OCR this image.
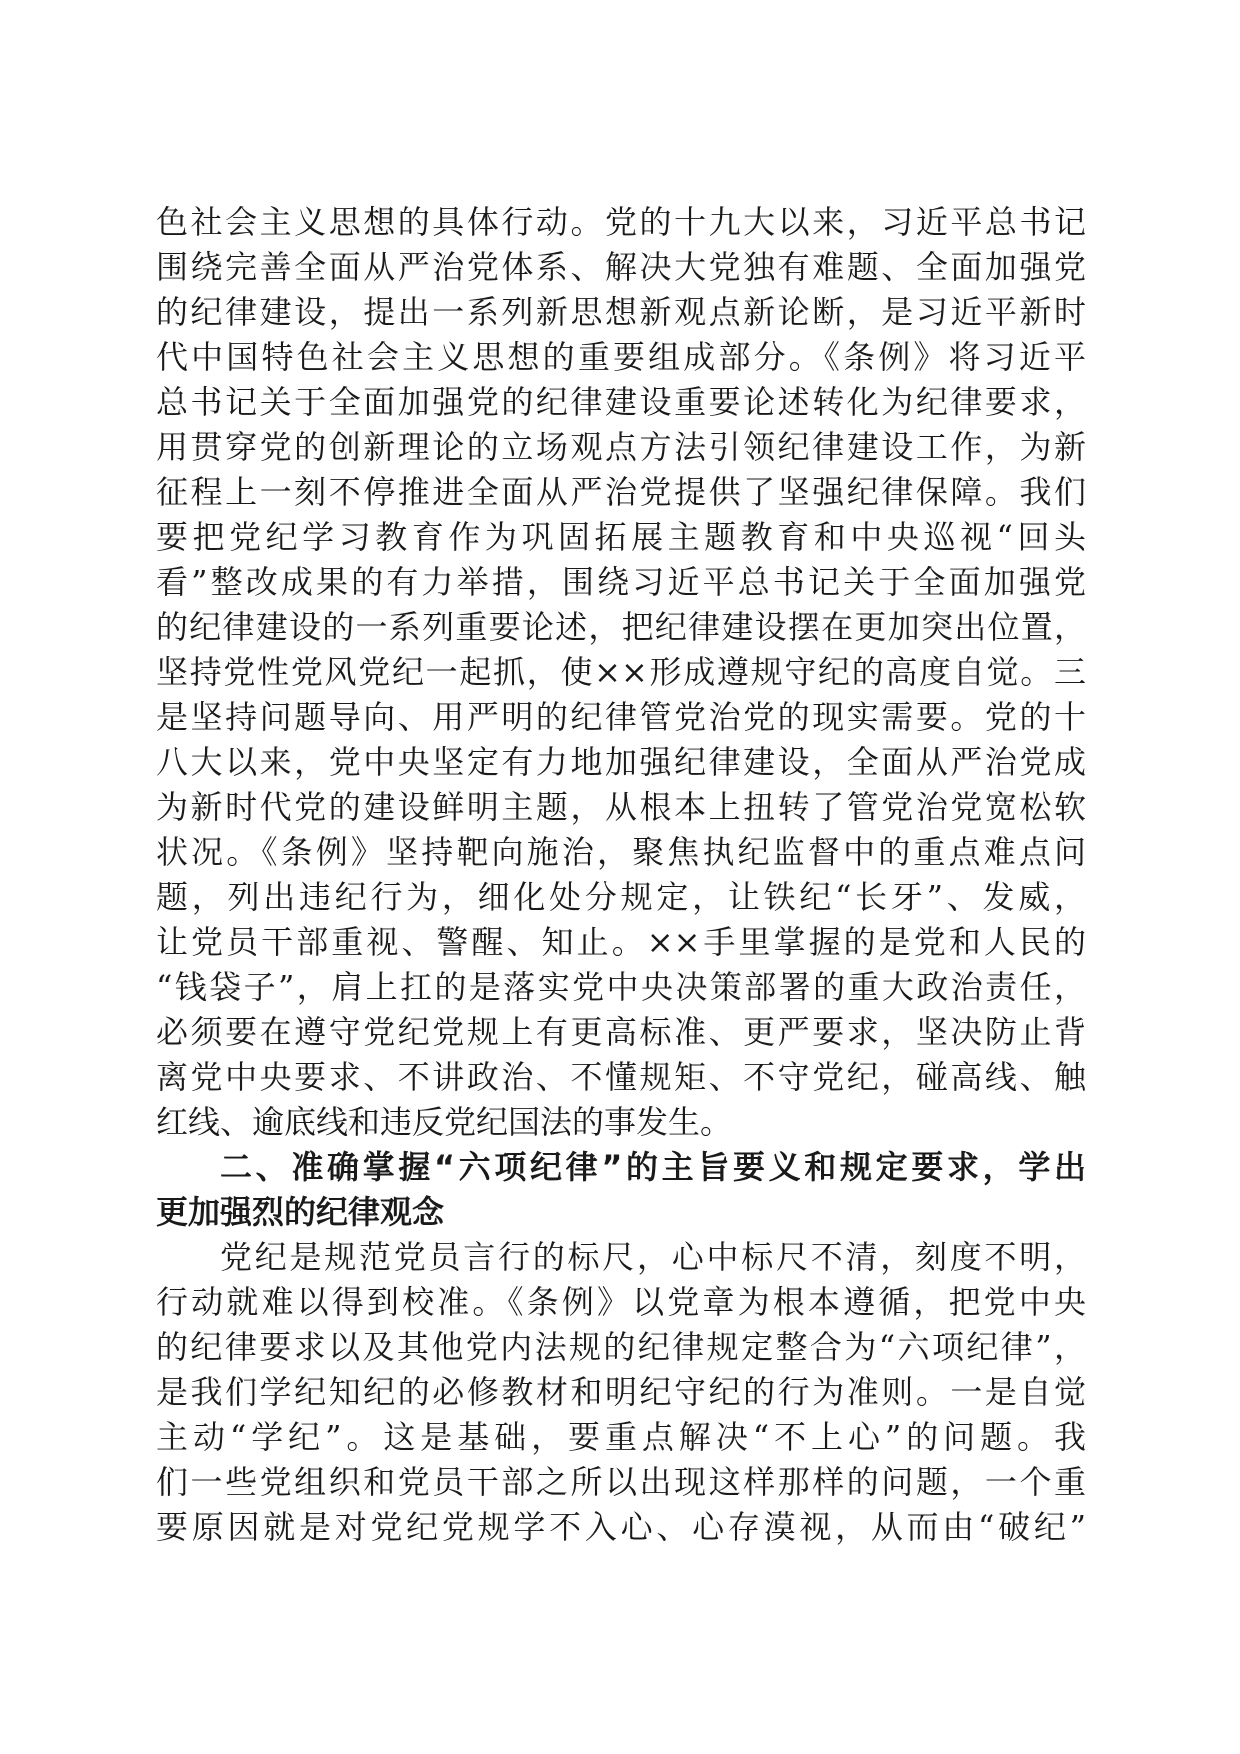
色社会主义思想的具体行动。党的十九大以来，习近平总书记
围绕完善全面从严治党体系、解决大党独有难题、全面加强党
的纪律建设，提出一系列新思想新观点新论断，是习近平新时
代中国特色社会主义思想的重要组成部分。《条例》将习近平
总书记关于全面加强党的纪律建设重要论述转化为纪律要求，
用贯穿党的创新理论的立场观点方法引领纪律建设工作，为新
征程上一刻不停推进全面从严治党提供了坚强纪律保障。我们
要把党纪学习教育作为巩固拓展主题教育和中央巡视“回头
看”整改成果的有力举措，围绕习近平总书记关于全面加强党
的纪律建设的一系列重要论述，把纪律建设摆在更加突出位置，
坚持党性党风党纪一起抓，使××形成遵规守纪的高度自觉。三
是坚持问题导向、用严明的纪律管党治党的现实需要。党的十
八大以来，党中央坚定有力地加强纪律建设，全面从严治党成
为新时代党的建设鲜明主题，从根本上扭转了管党治党宽松软
状况。《条例》坚持靶向施治，聚焦执纪监督中的重点难点问
题，列出违纪行为，细化处分规定，让铁纪“长牙”、发威，
让党员干部重视、警醒、知止。××手里掌握的是党和人民的
“钱袋子”，肩上扛的是落实党中央决策部署的重大政治责任，
必须要在遵守党纪党规上有更高标准、更严要求，坚决防止背
离党中央要求、不讲政治、不懂规矩、不守党纪，碰高线、触
红线、逾底线和违反党纪国法的事发生。
二、准确掌握“六项纪律”的主旨要义和规定要求，学出
更加强烈的纪律观念
党纪是规范党员言行的标尺，心中标尺不清，刻度不明，
行动就难以得到校准。《条例》以党章为根本遵循，把党中央
的纪律要求以及其他党内法规的纪律规定整合为“六项纪律”，
是我们学纪知纪的必修教材和明纪守纪的行为准则。一是自觉
主动“学纪”。这是基础，要重点解决“不上心”的问题。我
们一些党组织和党员干部之所以出现这样那样的问题，一个重
要原因就是对党纪党规学不入心、心存漠视，从而由“破纪”
